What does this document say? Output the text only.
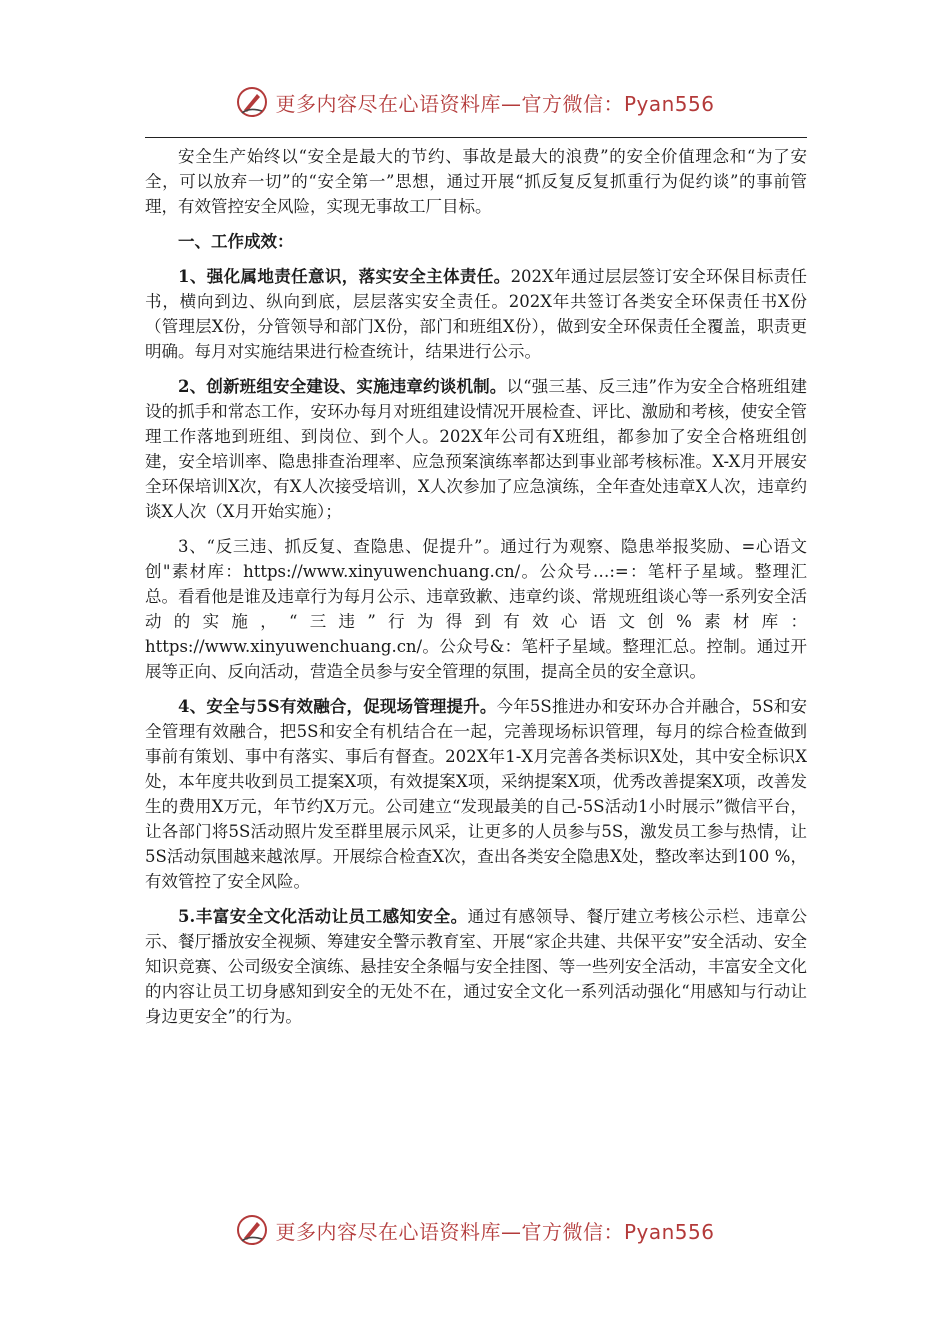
更多内容尽在心语资料库—官方微信：Pyan556

安全生产始终以“安全是最大的节约、事故是最大的浪费”的安全价值理念和“为了安全，可以放弃一切”的“安全第一”思想，通过开展“抓反复反复抓重行为促约谈”的事前管理，有效管控安全风险，实现无事故工厂目标。

一、工作成效：

1、强化属地责任意识，落实安全主体责任。202X年通过层层签订安全环保目标责任书，横向到边、纵向到底，层层落实安全责任。202X年共签订各类安全环保责任书X份（管理层X份，分管领导和部门X份，部门和班组X份），做到安全环保责任全覆盖，职责更明确。每月对实施结果进行检查统计，结果进行公示。

2、创新班组安全建设、实施违章约谈机制。以“强三基、反三违”作为安全合格班组建设的抓手和常态工作，安环办每月对班组建设情况开展检查、评比、激励和考核，使安全管理工作落地到班组、到岗位、到个人。202X年公司有X班组，都参加了安全合格班组创建，安全培训率、隐患排查治理率、应急预案演练率都达到事业部考核标准。X-X月开展安全环保培训X次，有X人次接受培训，X人次参加了应急演练，全年查处违章X人次，违章约谈X人次（X月开始实施）；

3、“反三违、抓反复、查隐患、促提升”。通过行为观察、隐患举报奖励、=心语文创"素材库：https://www.xinyuwenchuang.cn/。公众号…:=：笔杆子星域。整理汇总。看看他是谁及违章行为每月公示、违章致歉、违章约谈、常规班组谈心等一系列安全活动的实施，“三违”行为得到有效心语文创%素材库：https://www.xinyuwenchuang.cn/。公众号&：笔杆子星域。整理汇总。控制。通过开展等正向、反向活动，营造全员参与安全管理的氛围，提高全员的安全意识。

4、安全与5S有效融合，促现场管理提升。今年5S推进办和安环办合并融合，5S和安全管理有效融合，把5S和安全有机结合在一起，完善现场标识管理，每月的综合检查做到事前有策划、事中有落实、事后有督查。202X年1-X月完善各类标识X处，其中安全标识X处，本年度共收到员工提案X项，有效提案X项，采纳提案X项，优秀改善提案X项，改善发生的费用X万元，年节约X万元。公司建立“发现最美的自己-5S活动1小时展示”微信平台，让各部门将5S活动照片发至群里展示风采，让更多的人员参与5S，激发员工参与热情，让5S活动氛围越来越浓厚。开展综合检查X次，查出各类安全隐患X处，整改率达到100 %，有效管控了安全风险。

5.丰富安全文化活动让员工感知安全。通过有感领导、餐厅建立考核公示栏、违章公示、餐厅播放安全视频、筹建安全警示教育室、开展“家企共建、共保平安”安全活动、安全知识竞赛、公司级安全演练、悬挂安全条幅与安全挂图、等一些列安全活动，丰富安全文化的内容让员工切身感知到安全的无处不在，通过安全文化一系列活动强化“用感知与行动让身边更安全”的行为。

更多内容尽在心语资料库—官方微信：Pyan556
